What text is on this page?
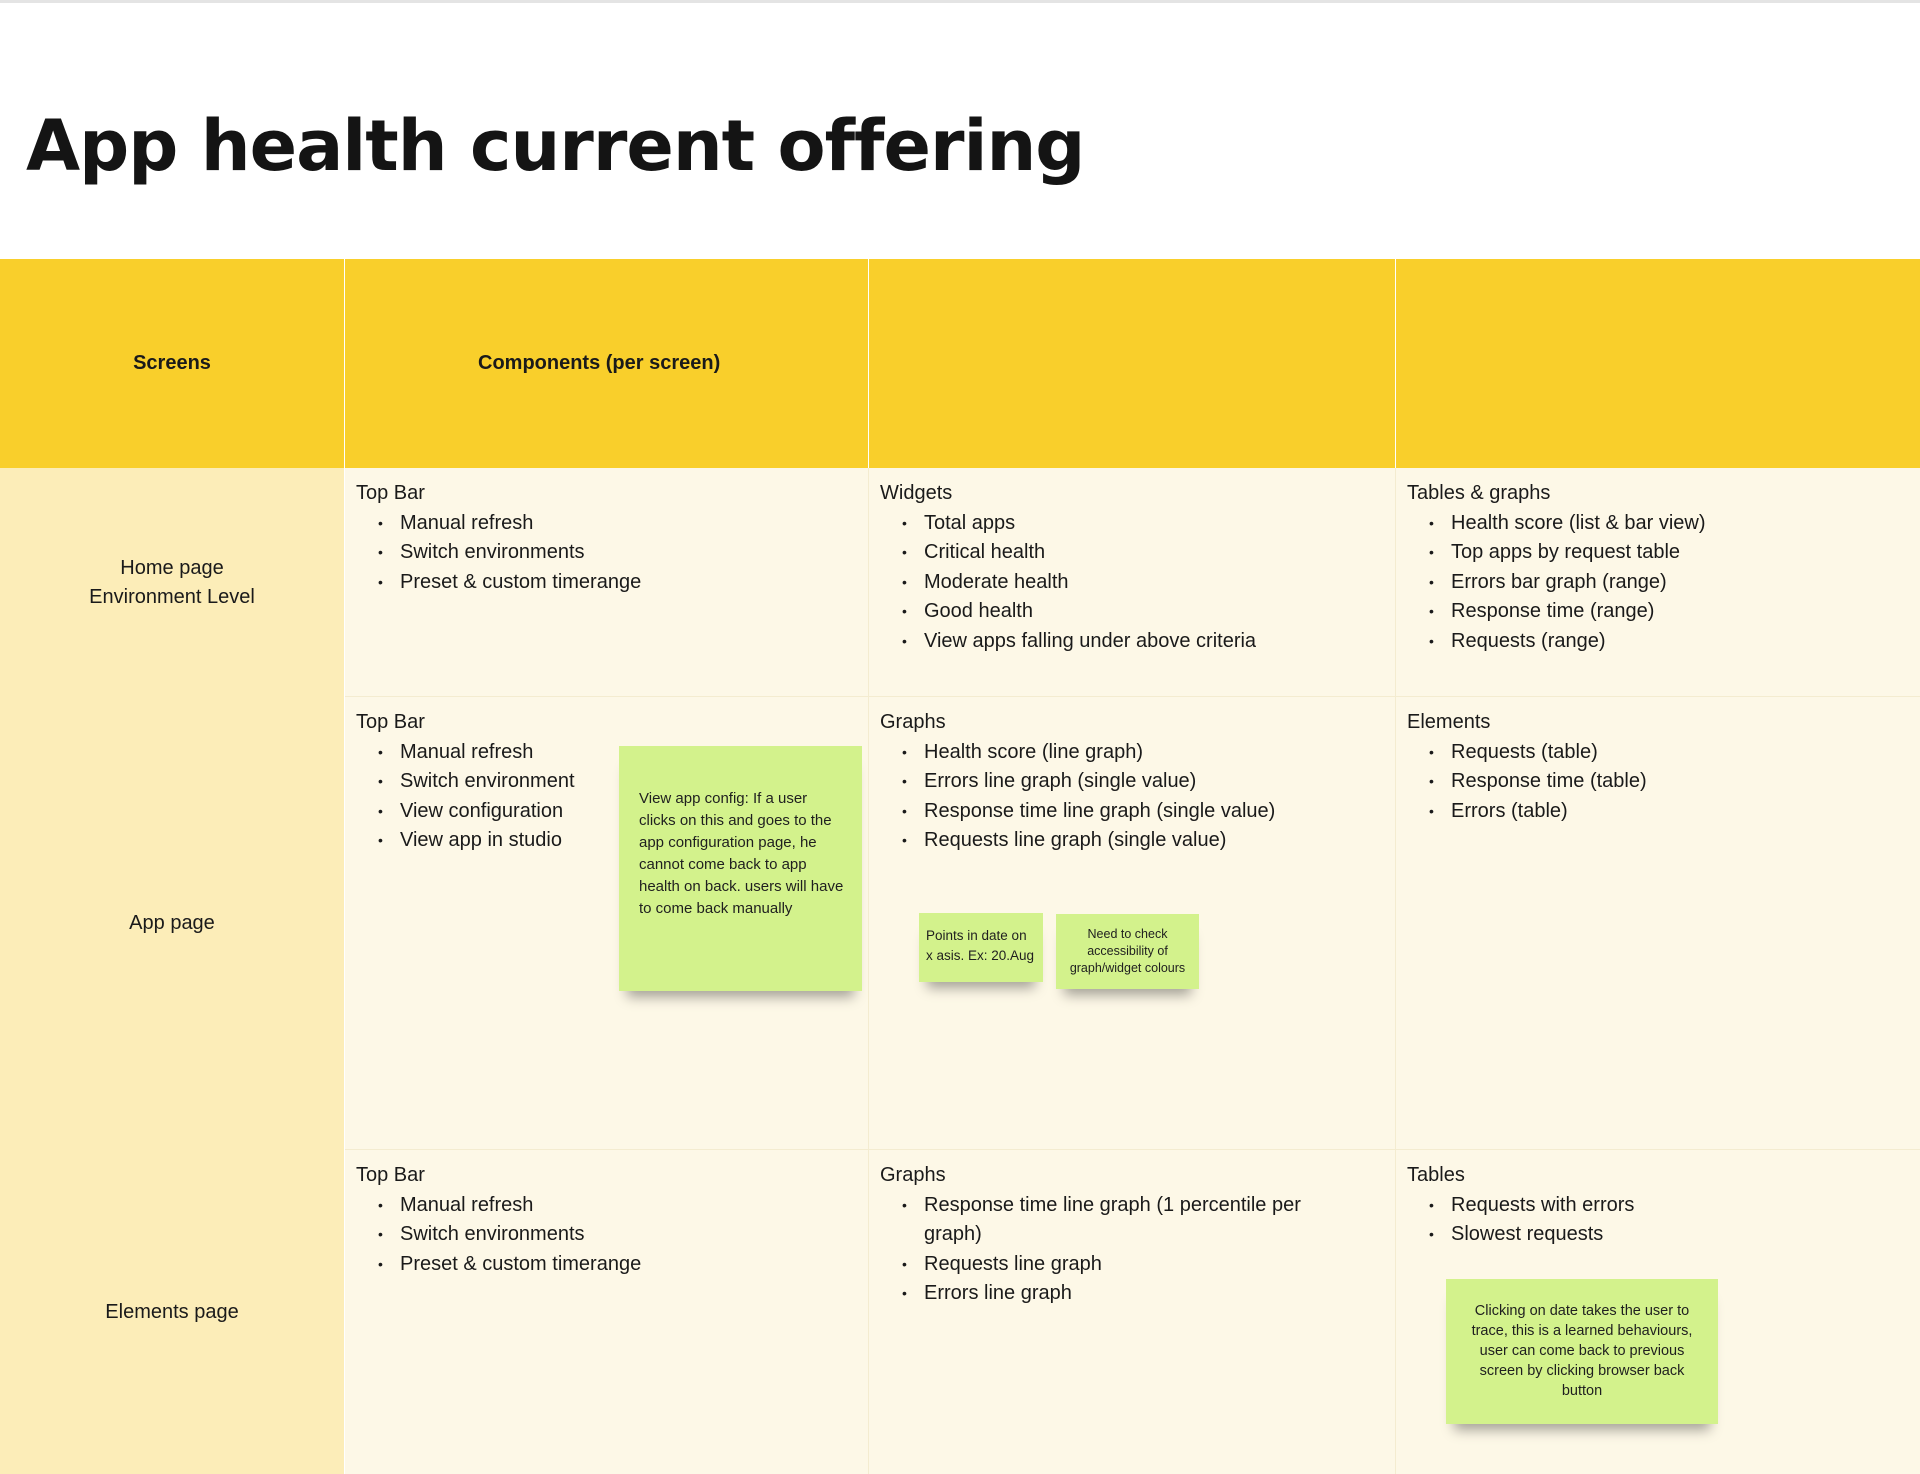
App health current offering
Screens	Components (per screen)
Home page
Environment Level
Top Bar
• Manual refresh
• Switch environments
• Preset & custom timerange
Widgets
• Total apps
• Critical health
• Moderate health
• Good health
• View apps falling under above criteria
Tables & graphs
• Health score (list & bar view)
• Top apps by request table
• Errors bar graph (range)
• Response time (range)
• Requests (range)
App page
Top Bar
• Manual refresh
• Switch environment
• View configuration
• View app in studio
Graphs
• Health score (line graph)
• Errors line graph (single value)
• Response time line graph (single value)
• Requests line graph (single value)
Elements
• Requests (table)
• Response time (table)
• Errors (table)
Elements page
Top Bar
• Manual refresh
• Switch environments
• Preset & custom timerange
Graphs
• Response time line graph (1 percentile per graph)
• Requests line graph
• Errors line graph
Tables
• Requests with errors
• Slowest requests
View app config: If a user clicks on this and goes to the app configuration page, he cannot come back to app health on back. users will have to come back manually
Points in date on x asis. Ex: 20.Aug
Need to check accessibility of graph/widget colours
Clicking on date takes the user to trace, this is a learned behaviours, user can come back to previous screen by clicking browser back button
